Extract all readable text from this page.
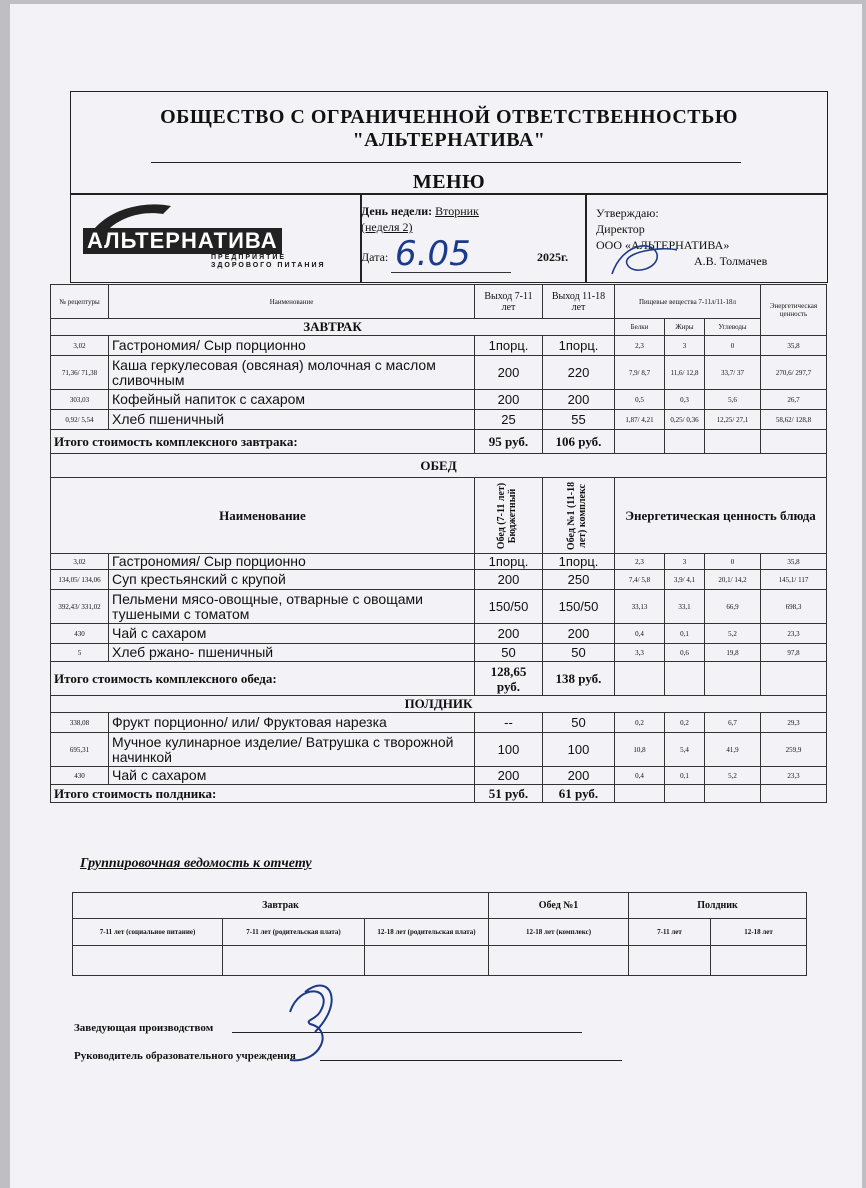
ОБЩЕСТВО С ОГРАНИЧЕННОЙ ОТВЕТСТВЕННОСТЬЮ
"АЛЬТЕРНАТИВА"
МЕНЮ
АЛЬТЕРНАТИВА
ПРЕДПРИЯТИЕ ЗДОРОВОГО ПИТАНИЯ
День недели: Вторник
(неделя 2)
Дата: 6.05	2025г.
Утверждаю:
Директор
ООО «АЛЬТЕРНАТИВА»
А.В. Толмачев
№ рецептуры	Наименование	Выход 7-11 лет	Выход 11-18 лет	Пищевые вещества 7-11л/11-18л			Энергетическая ценность
ЗАВТРАК				Белки	Жиры	Углеводы	
3,02	Гастрономия/ Сыр порционно	1порц.	1порц.	2,3	3	0	35,8
71,36/ 71,38	Каша геркулесовая (овсяная) молочная с маслом сливочным	200	220	7,9/ 8,7	11,6/ 12,8	33,7/ 37	270,6/ 297,7
303,03	Кофейный напиток с сахаром	200	200	0,5	0,3	5,6	26,7
0,92/ 5,54	Хлеб пшеничный	25	55	1,87/ 4,21	0,25/ 0,36	12,25/ 27,1	58,62/ 128,8
Итого стоимость комплексного завтрака:		95 руб.	106 руб.				
ОБЕД							
Наименование		Обед (7-11 лет) Бюджетный	Обед №1 (11-18 лет) комплекс	Энергетическая ценность блюда			
3,02	Гастрономия/ Сыр порционно	1порц.	1порц.	2,3	3	0	35,8
134,05/ 134,06	Суп крестьянский с крупой	200	250	7,4/ 5,8	3,9/ 4,1	20,1/ 14,2	145,1/ 117
392,43/ 331,02	Пельмени мясо-овощные, отварные с овощами тушеными с томатом	150/50	150/50	33,13	33,1	66,9	698,3
430	Чай с сахаром	200	200	0,4	0,1	5,2	23,3
5	Хлеб ржано- пшеничный	50	50	3,3	0,6	19,8	97,8
Итого стоимость комплексного обеда:		128,65 руб.	138 руб.				
ПОЛДНИК							
338,08	Фрукт порционно/ или/ Фруктовая нарезка	--	50	0,2	0,2	6,7	29,3
695,31	Мучное кулинарное изделие/ Ватрушка с творожной начинкой	100	100	10,8	5,4	41,9	259,9
430	Чай с сахаром	200	200	0,4	0,1	5,2	23,3
Итого стоимость полдника:		51 руб.	61 руб.				
Группировочная ведомость к отчету
Завтрак			Обед №1	Полдник	
7-11 лет (социальное питание)	7-11 лет (родительская плата)	12-18 лет (родительская плата)	12-18 лет (комплекс)	7-11 лет	12-18 лет

Заведующая производством
Руководитель образовательного учреждения
